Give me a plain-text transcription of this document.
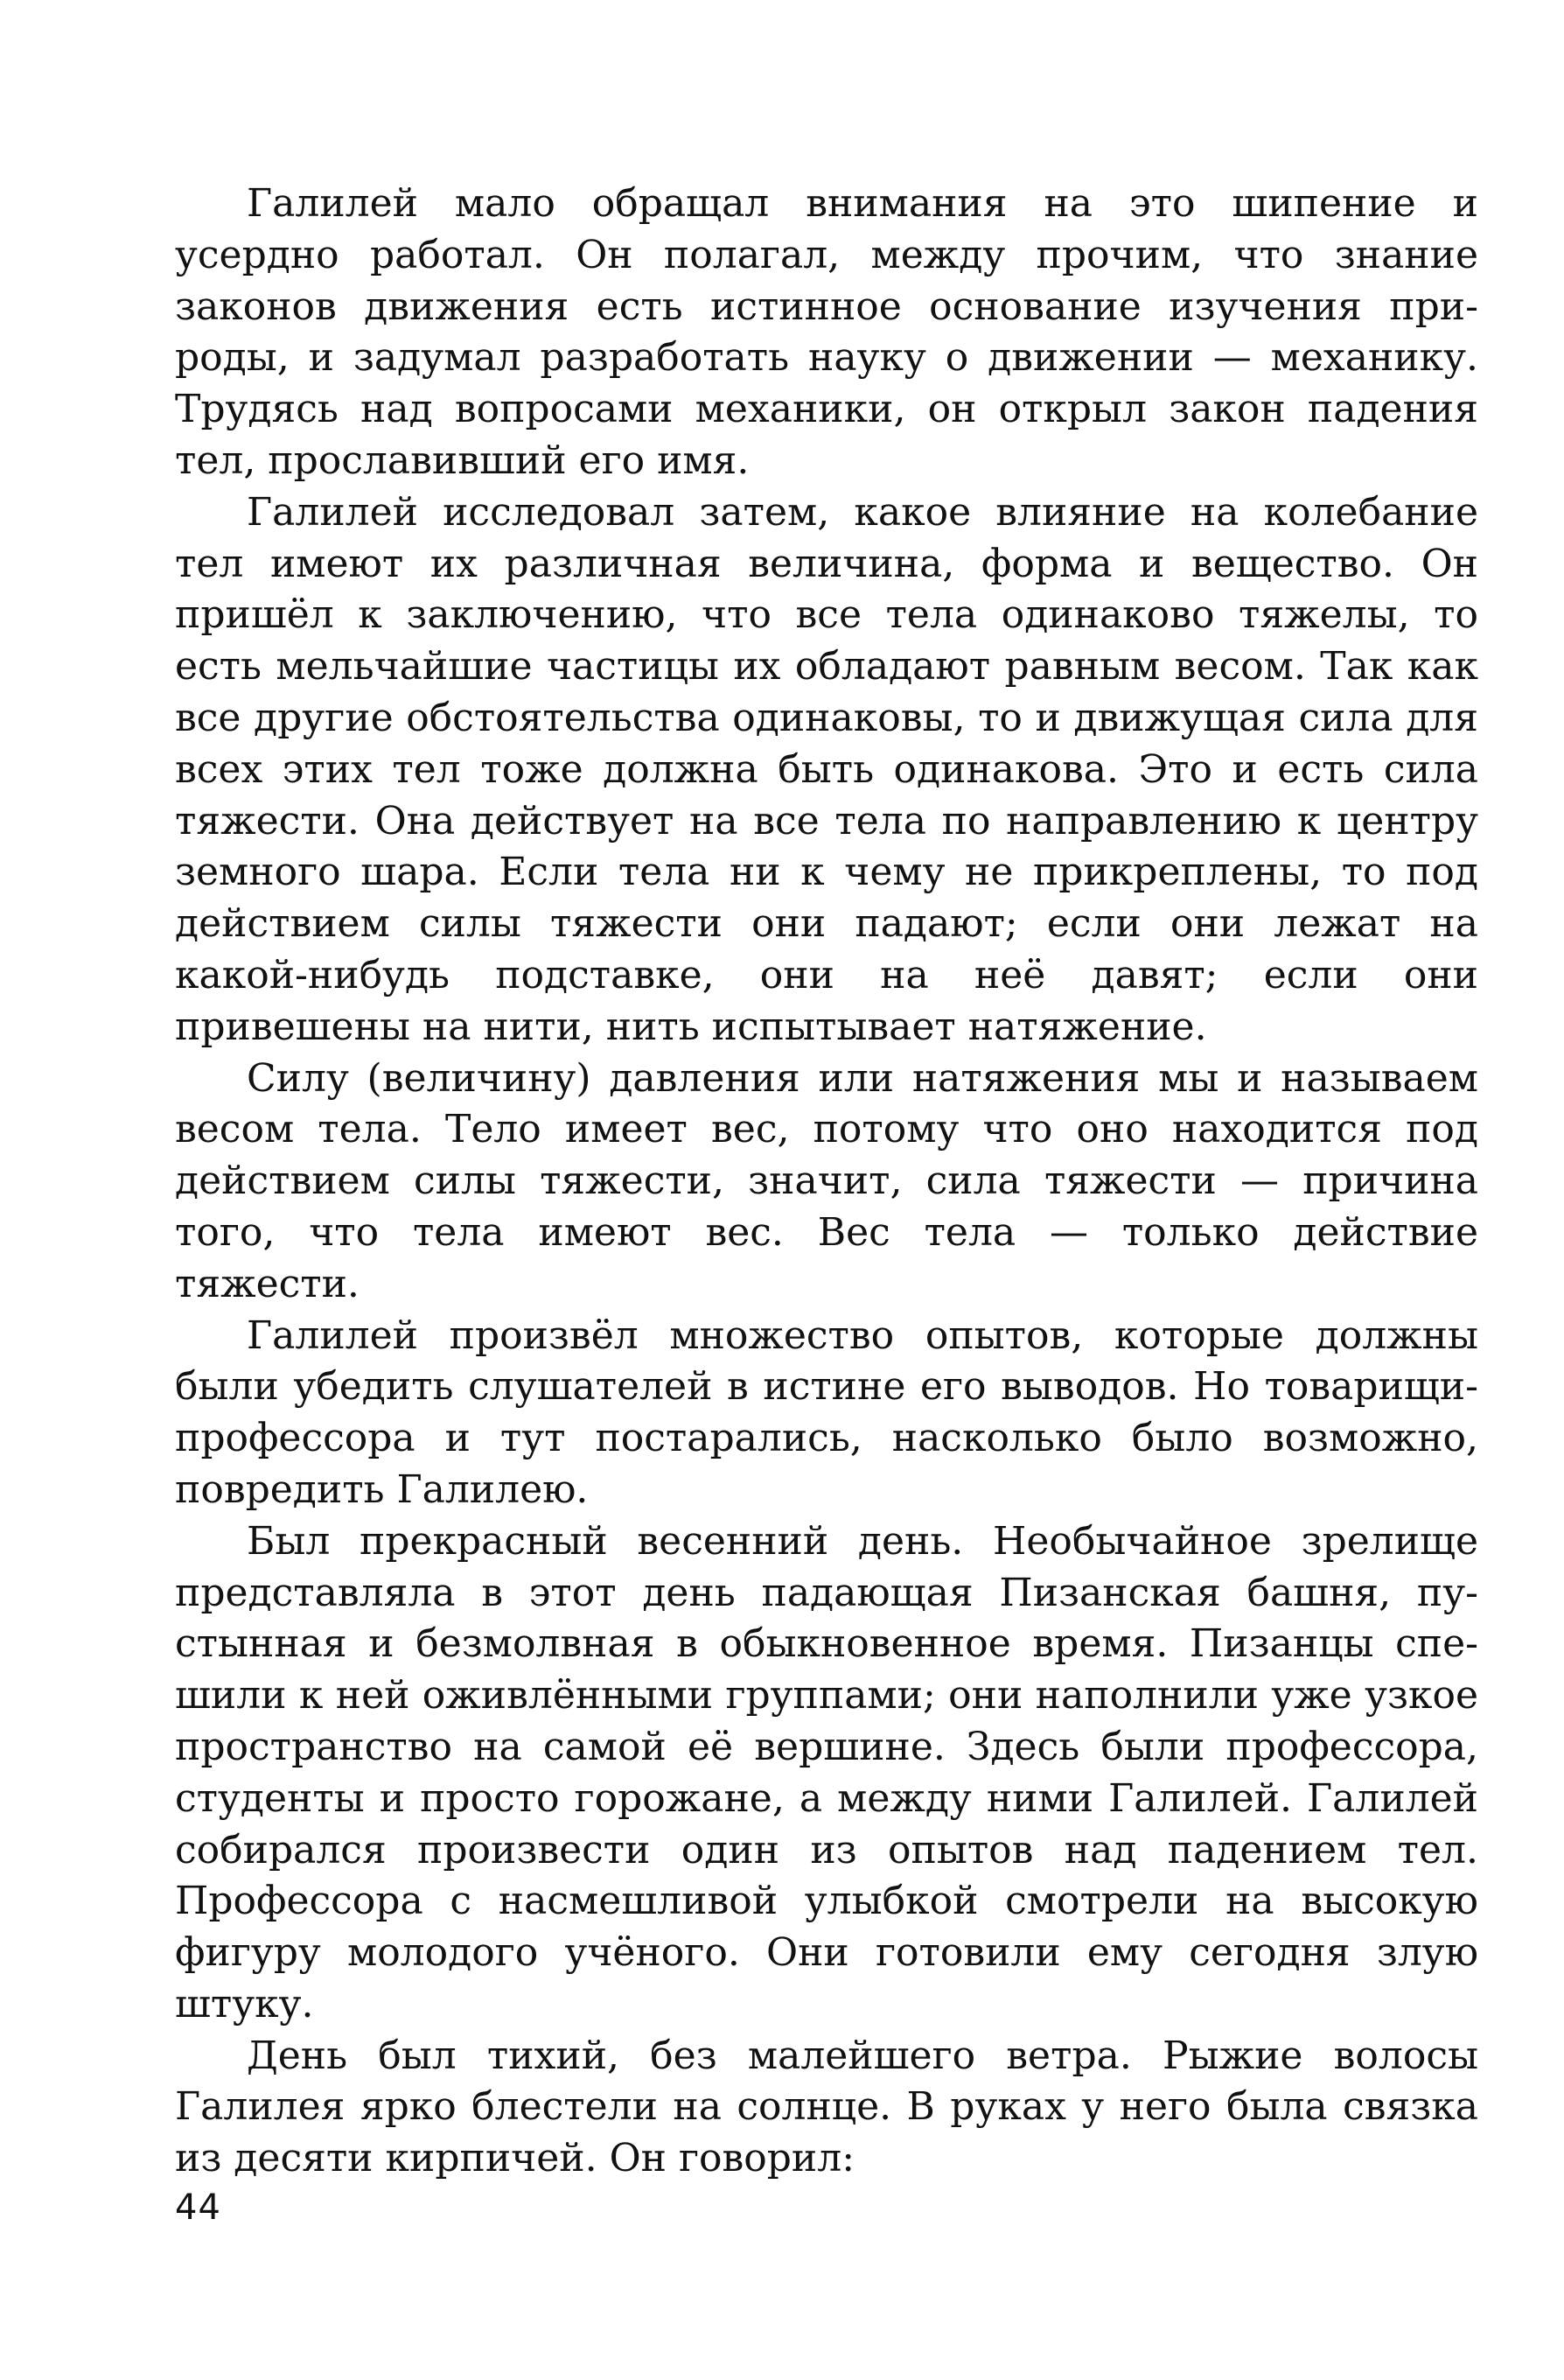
Галилей мало обращал внимания на это шипение и усердно работал. Он полагал, между прочим, что знание законов движения есть истинное основание изучения природы, и задумал разработать науку о движении — механику. Трудясь над вопросами механики, он открыл закон падения тел, прославивший его имя.

Галилей исследовал затем, какое влияние на колебание тел имеют их различная величина, форма и вещество. Он пришёл к заключению, что все тела одинаково тяжелы, то есть мельчайшие частицы их обладают равным весом. Так как все другие обстоятельства одинаковы, то и движущая сила для всех этих тел тоже должна быть одинакова. Это и есть сила тяжести. Она действует на все тела по направлению к центру земного шара. Если тела ни к чему не прикреплены, то под действием силы тяжести они падают; если они лежат на какой-нибудь подставке, они на неё давят; если они привешены на нити, нить испытывает натяжение.

Силу (величину) давления или натяжения мы и называем весом тела. Тело имеет вес, потому что оно находится под действием силы тяжести, значит, сила тяжести — причина того, что тела имеют вес. Вес тела — только действие тяжести.

Галилей произвёл множество опытов, которые должны были убедить слушателей в истине его выводов. Но товарищи-профессора и тут постарались, насколько было возможно, повредить Галилею.

Был прекрасный весенний день. Необычайное зрелище представляла в этот день падающая Пизанская башня, пустынная и безмолвная в обыкновенное время. Пизанцы спешили к ней оживлёнными группами; они наполнили уже узкое пространство на самой её вершине. Здесь были профессора, студенты и просто горожане, а между ними Галилей. Галилей собирался произвести один из опытов над падением тел. Профессора с насмешливой улыбкой смотрели на высокую фигуру молодого учёного. Они готовили ему сегодня злую штуку.

День был тихий, без малейшего ветра. Рыжие волосы Галилея ярко блестели на солнце. В руках у него была связка из десяти кирпичей. Он говорил:

44
